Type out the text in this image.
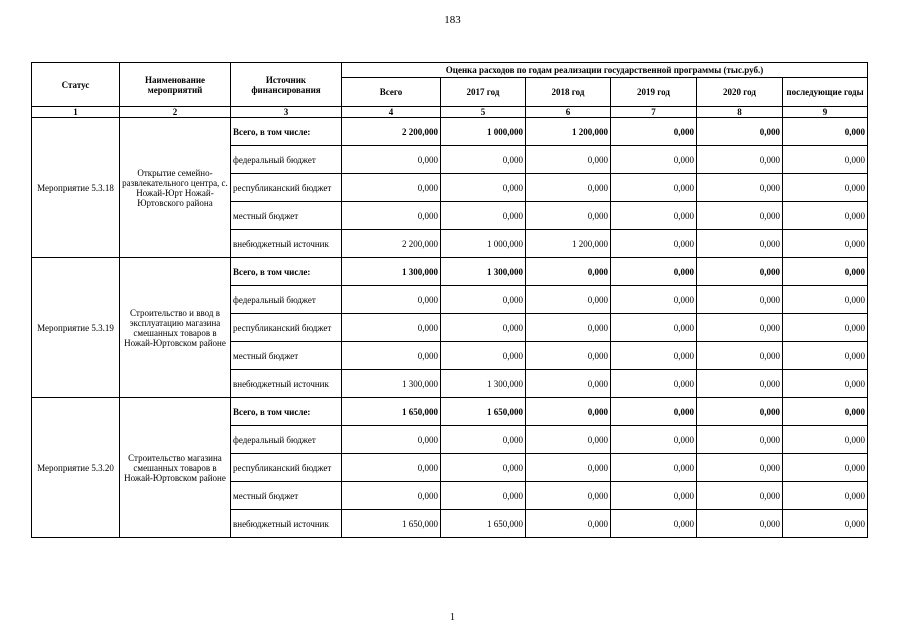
183
Статус	Наименование мероприятий	Источник финансирования	Оценка расходов по годам реализации государственной программы (тыс.руб.)					
			Всего	2017 год	2018 год	2019 год	2020 год	последующие годы
1	2	3	4	5	6	7	8	9
Мероприятие 5.3.18	Открытие семейно-развлекательного центра, с. Ножай-Юрт Ножай-Юртовского района	Всего, в том числе:	2 200,000	1 000,000	1 200,000	0,000	0,000	0,000
		федеральный бюджет	0,000	0,000	0,000	0,000	0,000	0,000
		республиканский бюджет	0,000	0,000	0,000	0,000	0,000	0,000
		местный бюджет	0,000	0,000	0,000	0,000	0,000	0,000
		внебюджетный источник	2 200,000	1 000,000	1 200,000	0,000	0,000	0,000
Мероприятие 5.3.19	Строительство и ввод в эксплуатацию магазина смешанных товаров в Ножай-Юртовском районе	Всего, в том числе:	1 300,000	1 300,000	0,000	0,000	0,000	0,000
		федеральный бюджет	0,000	0,000	0,000	0,000	0,000	0,000
		республиканский бюджет	0,000	0,000	0,000	0,000	0,000	0,000
		местный бюджет	0,000	0,000	0,000	0,000	0,000	0,000
		внебюджетный источник	1 300,000	1 300,000	0,000	0,000	0,000	0,000
Мероприятие 5.3.20	Строительство магазина смешанных товаров в Ножай-Юртовском районе	Всего, в том числе:	1 650,000	1 650,000	0,000	0,000	0,000	0,000
		федеральный бюджет	0,000	0,000	0,000	0,000	0,000	0,000
		республиканский бюджет	0,000	0,000	0,000	0,000	0,000	0,000
		местный бюджет	0,000	0,000	0,000	0,000	0,000	0,000
		внебюджетный источник	1 650,000	1 650,000	0,000	0,000	0,000	0,000
1
